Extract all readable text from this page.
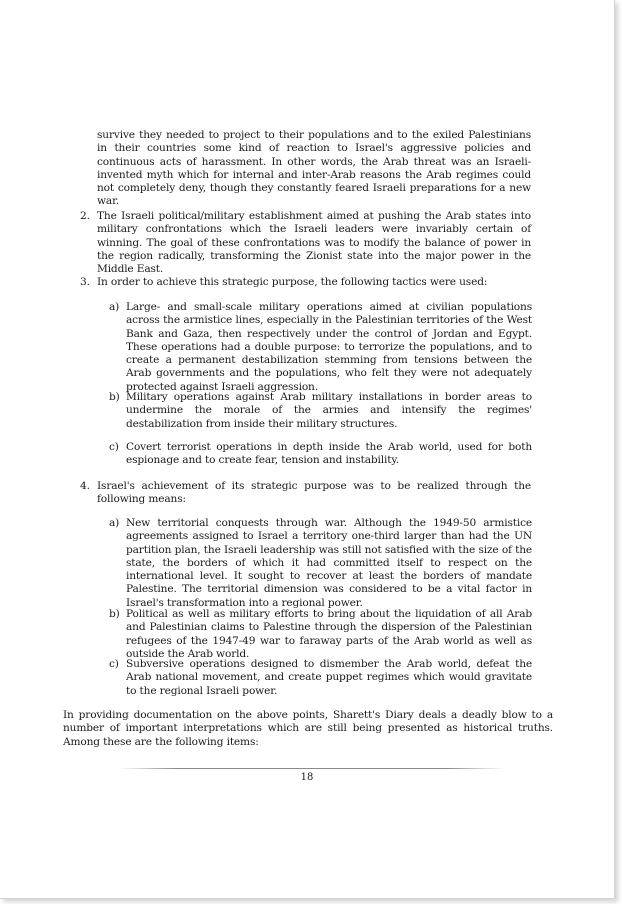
survive they needed to project to their populations and to the exiled Palestinians in their countries some kind of reaction to Israel's aggressive policies and continuous acts of harassment. In other words, the Arab threat was an Israeli-invented myth which for internal and inter-Arab reasons the Arab regimes could not completely deny, though they constantly feared Israeli preparations for a new war.

2. The Israeli political/military establishment aimed at pushing the Arab states into military confrontations which the Israeli leaders were invariably certain of winning. The goal of these confrontations was to modify the balance of power in the region radically, transforming the Zionist state into the major power in the Middle East.

3. In order to achieve this strategic purpose, the following tactics were used:

a) Large- and small-scale military operations aimed at civilian populations across the armistice lines, especially in the Palestinian territories of the West Bank and Gaza, then respectively under the control of Jordan and Egypt. These operations had a double purpose: to terrorize the populations, and to create a permanent destabilization stemming from tensions between the Arab governments and the populations, who felt they were not adequately protected against Israeli aggression.

b) Military operations against Arab military installations in border areas to undermine the morale of the armies and intensify the regimes' destabilization from inside their military structures.

c) Covert terrorist operations in depth inside the Arab world, used for both espionage and to create fear, tension and instability.

4. Israel's achievement of its strategic purpose was to be realized through the following means:

a) New territorial conquests through war. Although the 1949-50 armistice agreements assigned to Israel a territory one-third larger than had the UN partition plan, the Israeli leadership was still not satisfied with the size of the state, the borders of which it had committed itself to respect on the international level. It sought to recover at least the borders of mandate Palestine. The territorial dimension was considered to be a vital factor in Israel's transformation into a regional power.

b) Political as well as military efforts to bring about the liquidation of all Arab and Palestinian claims to Palestine through the dispersion of the Palestinian refugees of the 1947-49 war to faraway parts of the Arab world as well as outside the Arab world.

c) Subversive operations designed to dismember the Arab world, defeat the Arab national movement, and create puppet regimes which would gravitate to the regional Israeli power.

In providing documentation on the above points, Sharett's Diary deals a deadly blow to a number of important interpretations which are still being presented as historical truths. Among these are the following items:

18
